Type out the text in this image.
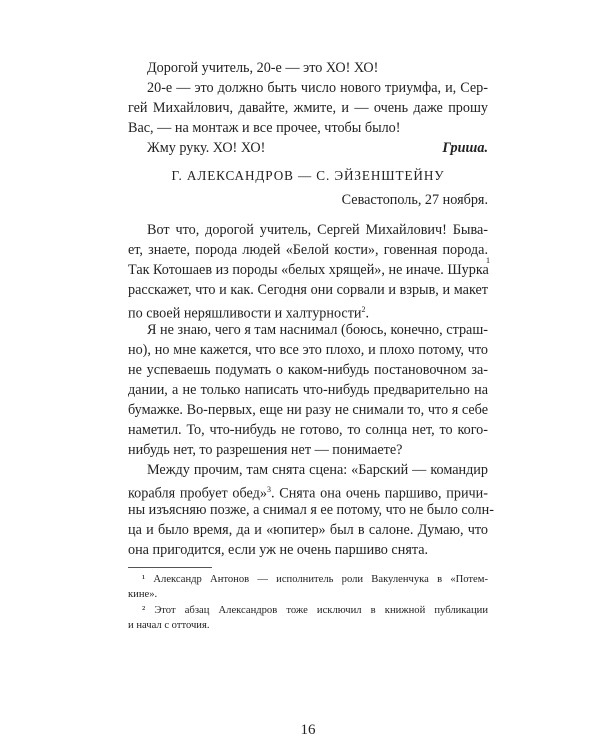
Дорогой учитель, 20-е — это ХО! ХО!
20-е — это должно быть число нового триумфа, и, Сер-
гей Михайлович, давайте, жмите, и — очень даже прошу
Вас, — на монтаж и все прочее, чтобы было!
Жму руку. ХО! ХО!	Гриша.
Г. АЛЕКСАНДРОВ — С. ЭЙЗЕНШТЕЙНУ
Севастополь, 27 ноября.
Вот что, дорогой учитель, Сергей Михайлович! Быва-
ет, знаете, порода людей «Белой кости», говенная порода.
Так Котошаев из породы «белых хрящей», не иначе. Шурка
1
расскажет, что и как. Сегодня они сорвали и взрыв, и макет
по своей неряшливости и халтурности$^2$.
Я не знаю, чего я там наснимал (боюсь, конечно, страш-
но), но мне кажется, что все это плохо, и плохо потому, что
не успеваешь подумать о каком-нибудь постановочном за-
дании, а не только написать что-нибудь предварительно на
бумажке. Во-первых, еще ни разу не снимали то, что я себе
наметил. То, что-нибудь не готово, то солнца нет, то кого-
нибудь нет, то разрешения нет — понимаете?
Между прочим, там снята сцена: «Барский — командир
корабля пробует обед»$^3$. Снята она очень паршиво, причи-
ны изъясняю позже, а снимал я ее потому, что не было солн-
ца и было время, да и «юпитер» был в салоне. Думаю, что
она пригодится, если уж не очень паршиво снята.
¹ Александр Антонов — исполнитель роли Вакуленчука в «Потем-
кине».
² Этот абзац Александров тоже исключил в книжной публикации
и начал с отточия.
16
